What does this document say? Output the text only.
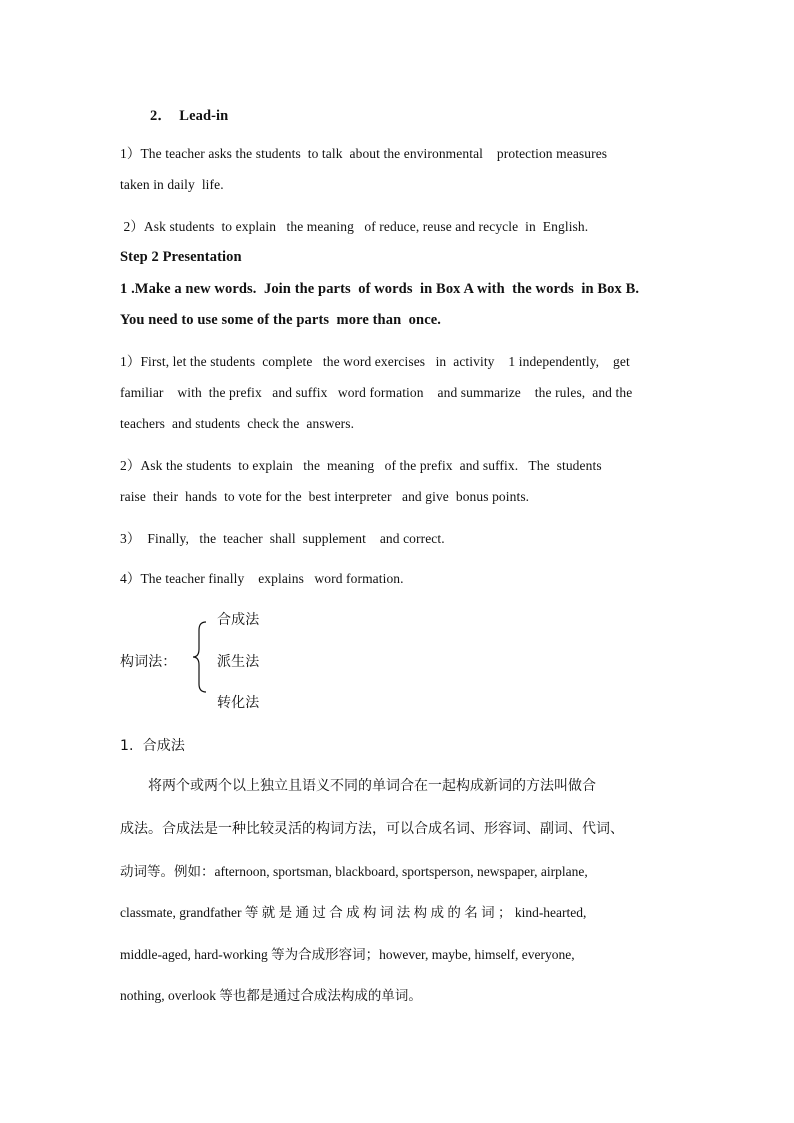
2．　Lead-in
1）The teacher asks the students  to talk  about the environmental    protection measures
taken in daily  life.
2）Ask students  to explain   the meaning   of reduce, reuse and recycle  in  English.
Step 2 Presentation
1 .Make a new words.  Join the parts  of words  in Box A with  the words  in Box B.
You need to use some of the parts  more than  once.
1）First, let the students  complete   the word exercises   in  activity    1 independently,    get
familiar    with  the prefix   and suffix   word formation    and summarize    the rules,  and the
teachers  and students  check the  answers.
2）Ask the students  to explain   the  meaning   of the prefix  and suffix.   The  students
raise  their  hands  to vote for the  best interpreter   and give  bonus points.
3）  Finally,   the  teacher  shall  supplement    and correct.
4）The teacher finally    explains   word formation.
合成法
构词法：	派生法
转化法
1.  合成法
　　将两个或两个以上独立且语义不同的单词合在一起构成新词的方法叫做合
成法。合成法是一种比较灵活的构词方法，可以合成名词、形容词、副词、代词、
动词等。例如：afternoon, sportsman, blackboard, sportsperson, newspaper, airplane,
classmate, grandfather 等 就 是 通 过 合 成 构 词 法 构 成 的 名 词 ； kind-hearted,
middle-aged, hard-working 等为合成形容词；however, maybe, himself, everyone,
nothing, overlook 等也都是通过合成法构成的单词。
